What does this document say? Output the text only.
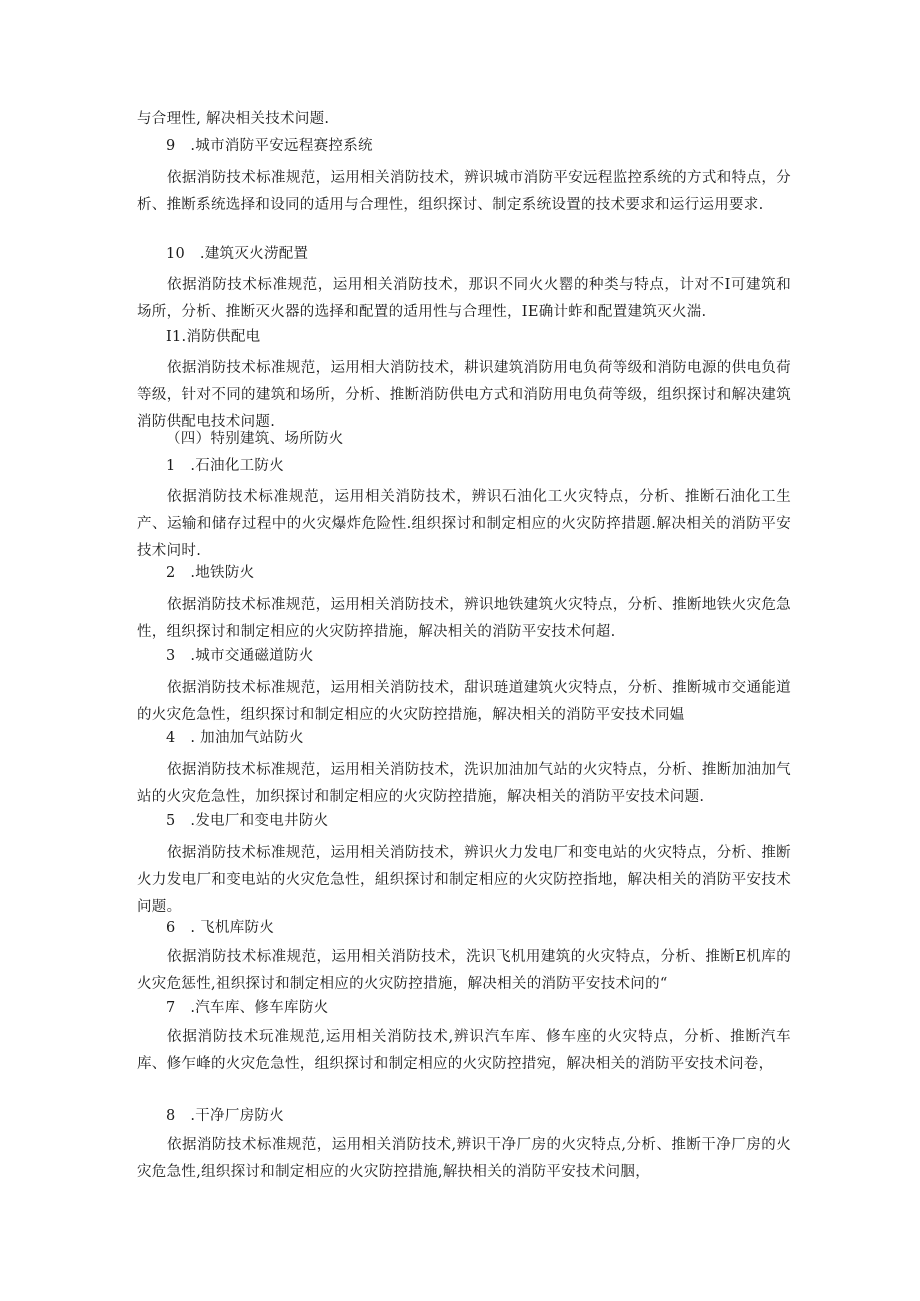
与合理性, 解决相关技术问题.

9　.城市消防平安远程赛控系统

依据消防技术标准规范，运用相关消防技术，辨识城市消防平安远程监控系统的方式和特点，分析、推断系统选择和设同的适用与合理性，组织探讨、制定系统设置的技术要求和运行运用要求.

10　.建筑灭火涝配置

依据消防技术标准规范，运用相关消防技术，那识不同火火罂的种类与特点，计对不I可建筑和场所，分析、推断灭火器的选择和配置的适用性与合理性，IE确计蚱和配置建筑灭火湍.

I1.消防供配电

依据消防技术标准规范，运用相大消防技术，耕识建筑消防用电负荷等级和消防电源的供电负荷等级，针对不同的建筑和场所，分析、推断消防供电方式和消防用电负荷等级，组织探讨和解决建筑消防供配电技术问题.

（四）特别建筑、场所防火

1　.石油化工防火

依据消防技术标准规范，运用相关消防技术，辨识石油化工火灾特点，分析、推断石油化工生产、运输和储存过程中的火灾爆炸危险性.组织探讨和制定相应的火灾防捽措题.解决相关的消防平安技术问时.

2　.地铁防火

依据消防技术标准规范，运用相关消防技术，辨识地铁建筑火灾特点，分析、推断地铁火灾危急性，组织探讨和制定相应的火灾防捽措施，解决相关的消防平安技术何超.

3　.城市交通磁道防火

依据消防技术标准规范，运用相关消防技术，甜识琏道建筑火灾特点，分析、推断城市交通能道的火灾危急性，组织探讨和制定相应的火灾防控措施，解决相关的消防平安技术同媪

4　. 加油加气站防火

依据消防技术标准规范，运用相关消防技术，洗识加油加气站的火灾特点，分析、推断加油加气站的火灾危急性，加织探讨和制定相应的火灾防控措施，解决相关的消防平安技术问题.

5　.发电厂和变电井防火

依据消防技术标准规范，运用相关消防技术，辨识火力发电厂和变电站的火灾特点，分析、推断火力发电厂和变电站的火灾危急性，組织探讨和制定相应的火灾防控指地，解决相关的消防平安技术问题。

6　. 飞机库防火

依据消防技术标准规范，运用相关消防技术，洗识飞机用建筑的火灾特点，分析、推断E机库的火灾危惩性,祖织探讨和制定相应的火灾防控措施，解决相关的消防平安技术问的“

7　.汽车库、修车库防火

依据消防技术玩准规范,运用相关消防技术,辨识汽车库、修车座的火灾特点，分析、推断汽车库、修乍峰的火灾危急性，组织探讨和制定相应的火灾防控措宛，解决相关的消防平安技术问卷，

8　.干净厂房防火

依据消防技术标准规范，运用相关消防技术,辨识干净厂房的火灾特点,分析、推断干净厂房的火灾危急性,组织探讨和制定相应的火灾防控措施,解抉相关的消防平安技术问胭，
